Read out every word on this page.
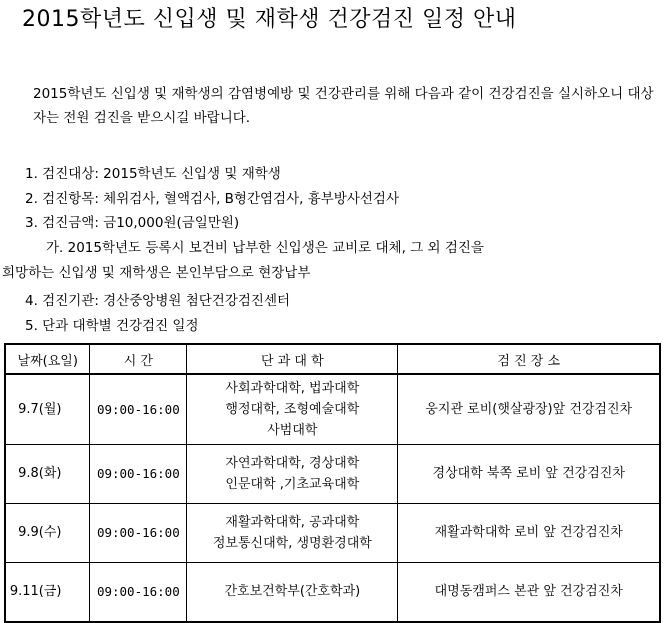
2015학년도 신입생 및 재학생 건강검진 일정 안내
2015학년도 신입생 및 재학생의 감염병예방 및 건강관리를 위해 다음과 같이 건강검진을 실시하오니 대상자는 전원 검진을 받으시길 바랍니다.
1. 검진대상: 2015학년도 신입생 및 재학생
2. 검진항목: 체위검사, 혈액검사, B형간염검사, 흉부방사선검사
3. 검진금액: 금10,000원(금일만원)
가. 2015학년도 등록시 보건비 납부한 신입생은 교비로 대체, 그 외 검진을
희망하는 신입생 및 재학생은 본인부담으로 현장납부
4. 검진기관: 경산중앙병원 첨단건강검진센터
5. 단과 대학별 건강검진 일정
날짜(요일)	시 간	단 과 대 학	검 진 장 소
9.7(월)	09:00-16:00	사회과학대학, 법과대학
행정대학, 조형예술대학
사범대학	웅지관 로비(햇살광장)앞 건강검진차
9.8(화)	09:00-16:00	자연과학대학, 경상대학
인문대학 ,기초교육대학	경상대학 북쪽 로비 앞 건강검진차
9.9(수)	09:00-16:00	재활과학대학, 공과대학
정보통신대학, 생명환경대학	재활과학대학 로비 앞 건강검진차
9.11(금)	09:00-16:00	간호보건학부(간호학과)	대명동캠퍼스 본관 앞 건강검진차
